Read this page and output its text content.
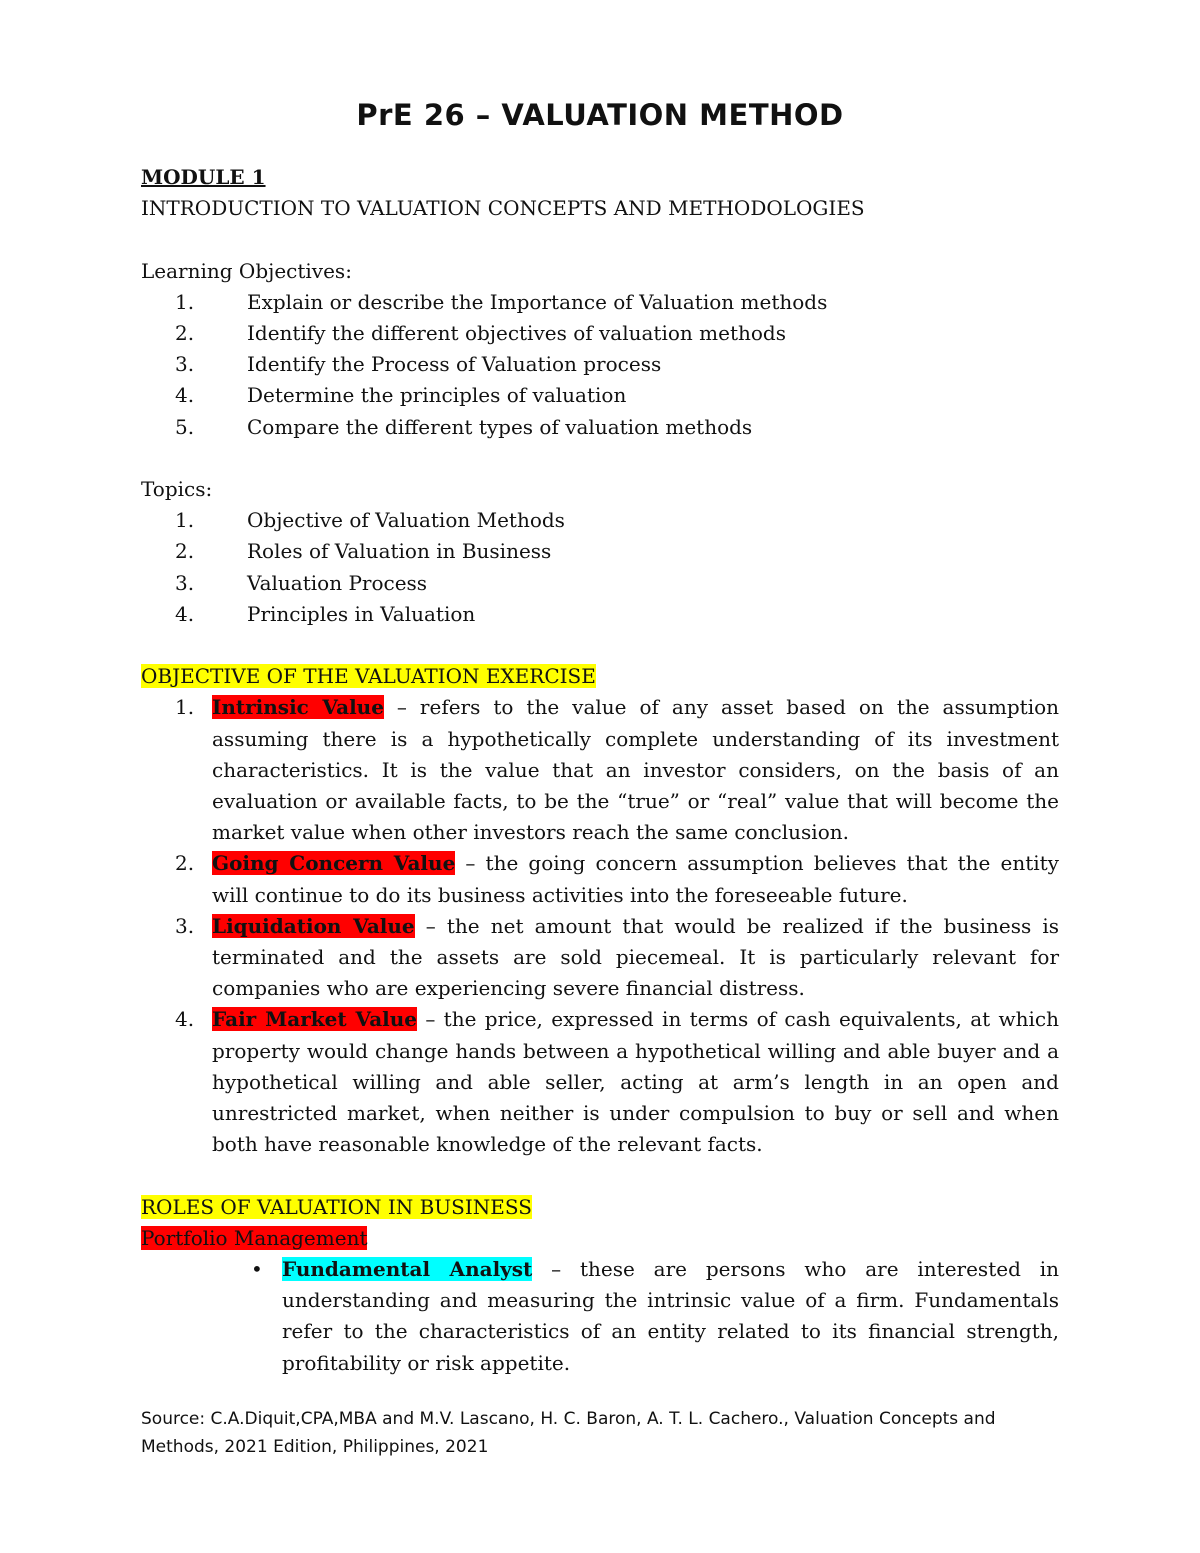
PrE 26 – VALUATION METHOD

MODULE 1

INTRODUCTION TO VALUATION CONCEPTS AND METHODOLOGIES

Learning Objectives:

1.	Explain or describe the Importance of Valuation methods
2.	Identify the different objectives of valuation methods
3.	Identify the Process of Valuation process
4.	Determine the principles of valuation
5.	Compare the different types of valuation methods

Topics:

1.	Objective of Valuation Methods
2.	Roles of Valuation in Business
3.	Valuation Process
4.	Principles in Valuation

OBJECTIVE OF THE VALUATION EXERCISE

1. Intrinsic Value – refers to the value of any asset based on the assumption assuming there is a hypothetically complete understanding of its investment characteristics. It is the value that an investor considers, on the basis of an evaluation or available facts, to be the “true” or “real” value that will become the market value when other investors reach the same conclusion.
2. Going Concern Value – the going concern assumption believes that the entity will continue to do its business activities into the foreseeable future.
3. Liquidation Value – the net amount that would be realized if the business is terminated and the assets are sold piecemeal. It is particularly relevant for companies who are experiencing severe financial distress.
4. Fair Market Value – the price, expressed in terms of cash equivalents, at which property would change hands between a hypothetical willing and able buyer and a hypothetical willing and able seller, acting at arm’s length in an open and unrestricted market, when neither is under compulsion to buy or sell and when both have reasonable knowledge of the relevant facts.

ROLES OF VALUATION IN BUSINESS

Portfolio Management

• Fundamental Analyst – these are persons who are interested in understanding and measuring the intrinsic value of a firm. Fundamentals refer to the characteristics of an entity related to its financial strength, profitability or risk appetite.
Source: C.A.Diquit,CPA,MBA and M.V. Lascano, H. C. Baron, A. T. L. Cachero., Valuation Concepts and
Methods, 2021 Edition, Philippines, 2021
